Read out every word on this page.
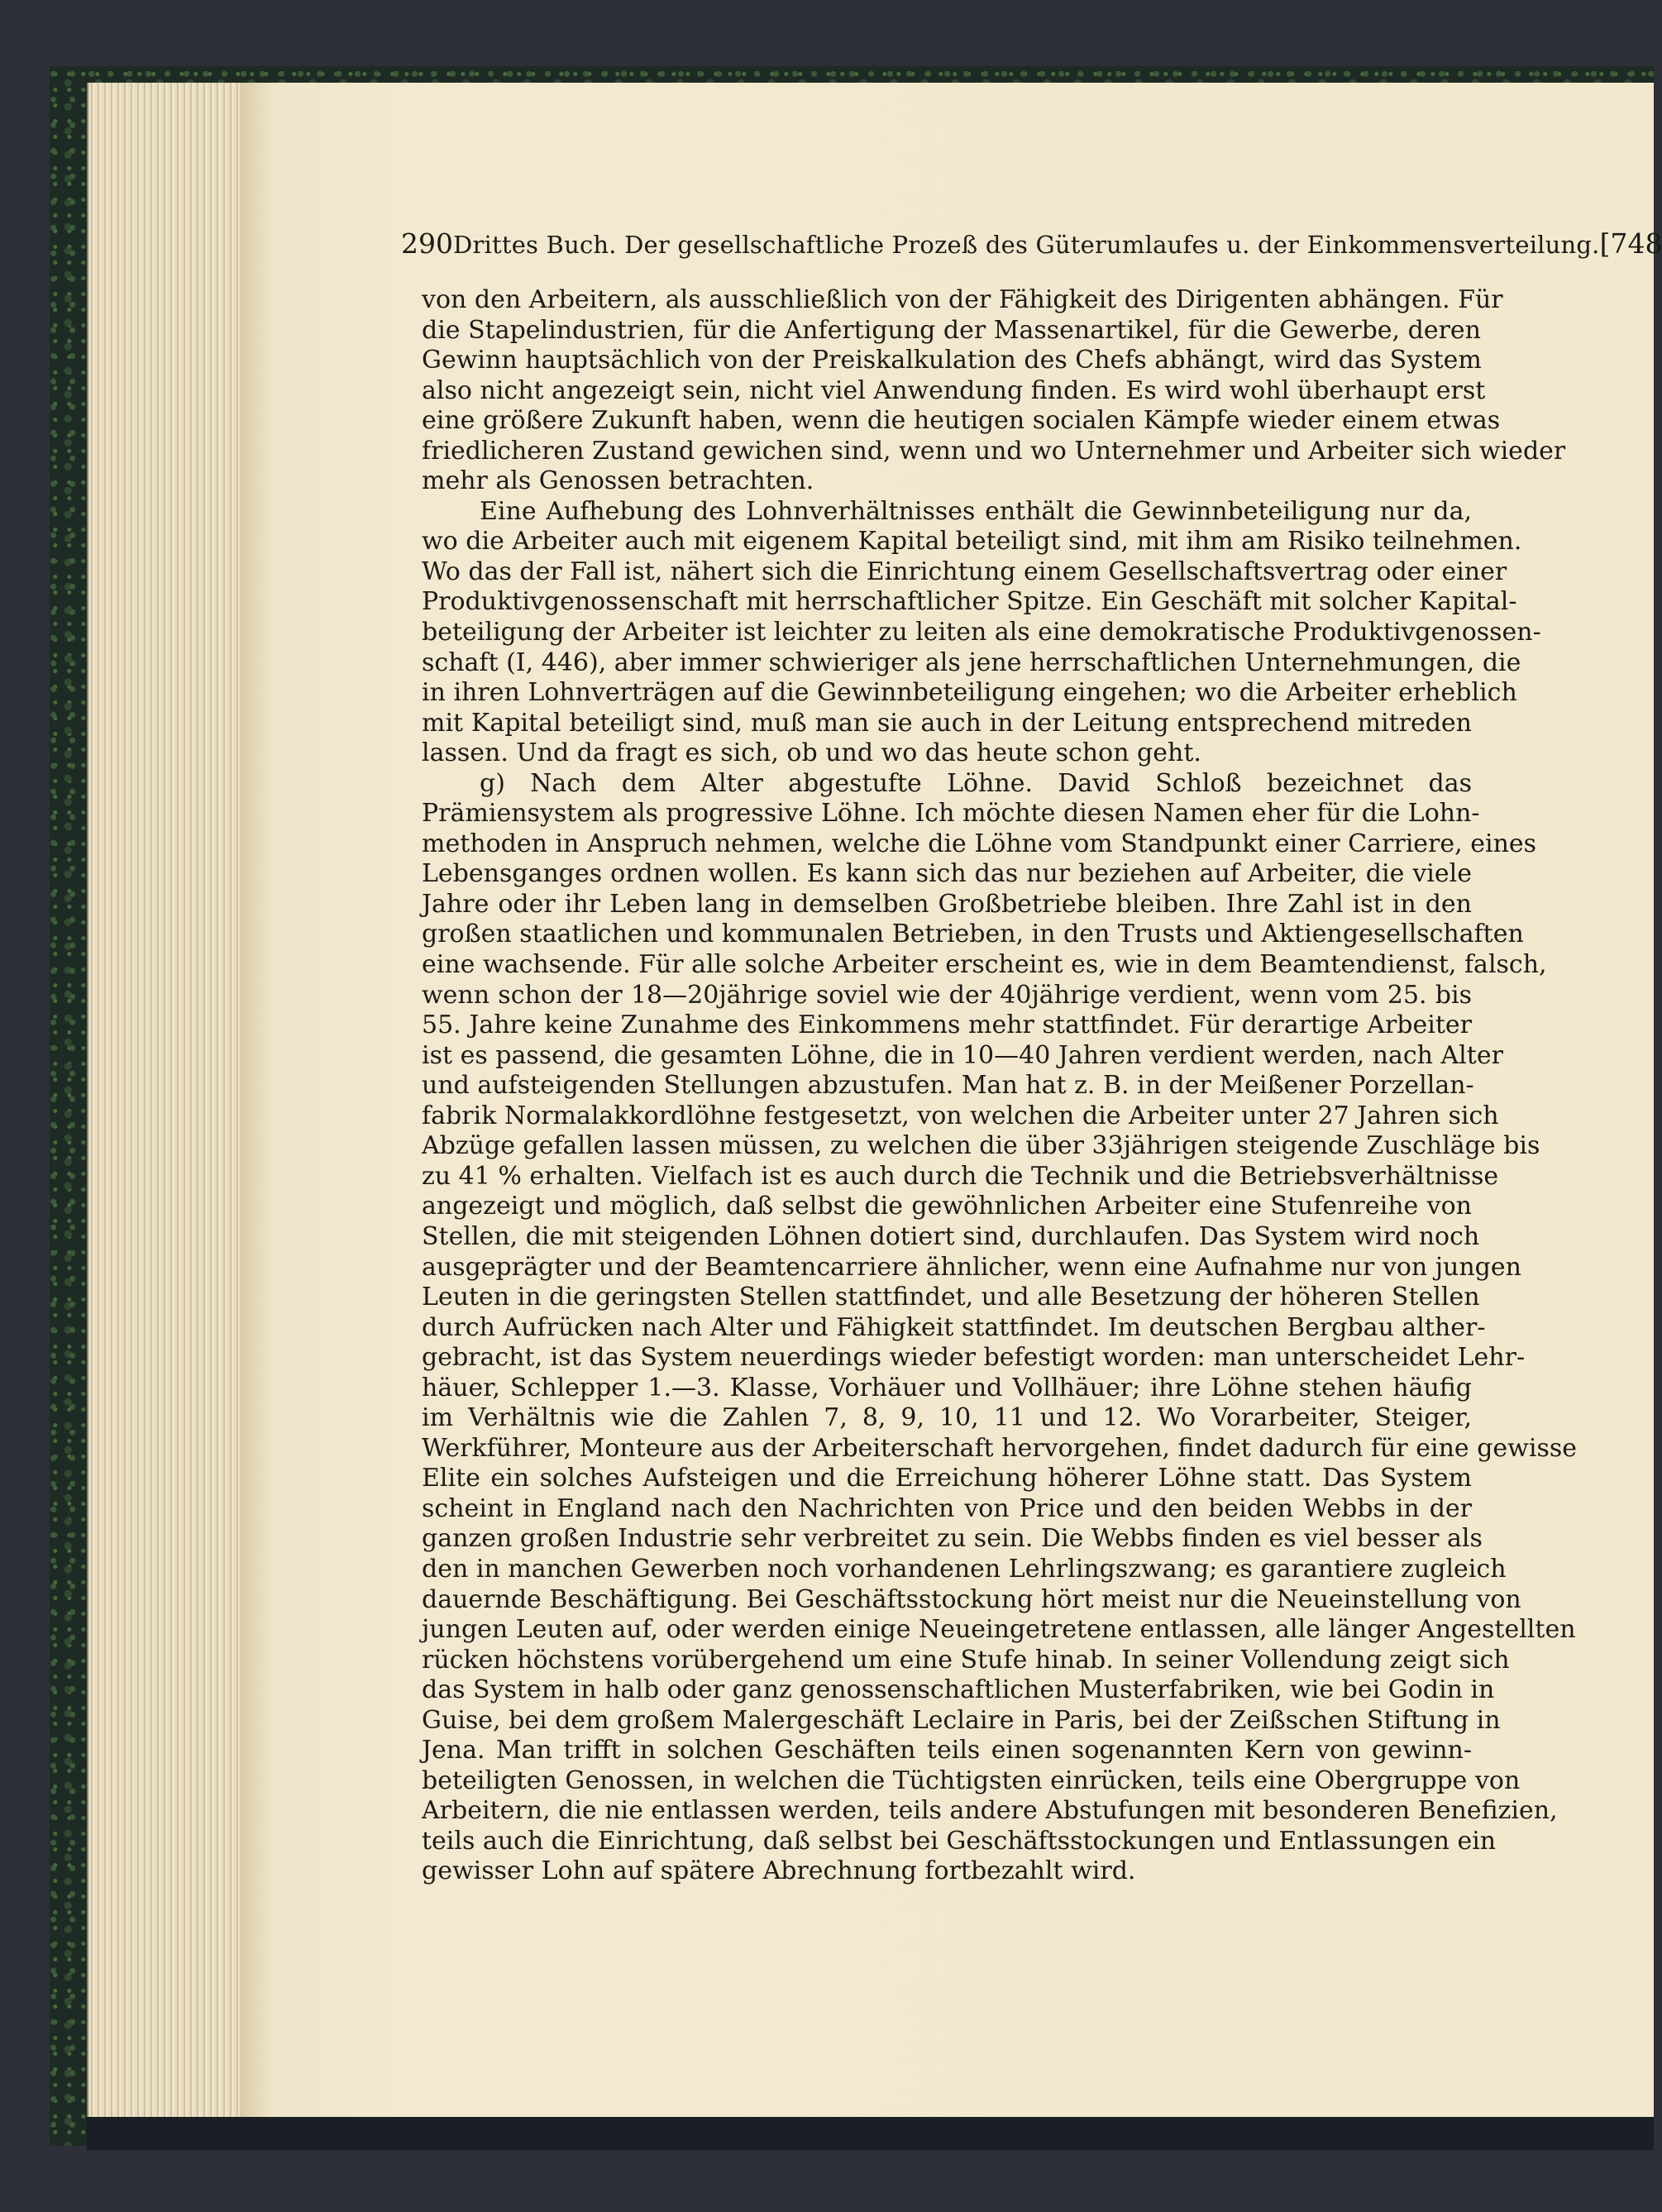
290 Drittes Buch. Der gesellschaftliche Prozeß des Güterumlaufes u. der Einkommensverteilung. [748
von den Arbeitern, als ausschließlich von der Fähigkeit des Dirigenten abhängen. Für
die Stapelindustrien, für die Anfertigung der Massenartikel, für die Gewerbe, deren
Gewinn hauptsächlich von der Preiskalkulation des Chefs abhängt, wird das System
also nicht angezeigt sein, nicht viel Anwendung finden. Es wird wohl überhaupt erst
eine größere Zukunft haben, wenn die heutigen socialen Kämpfe wieder einem etwas
friedlicheren Zustand gewichen sind, wenn und wo Unternehmer und Arbeiter sich wieder
mehr als Genossen betrachten.
Eine Aufhebung des Lohnverhältnisses enthält die Gewinnbeteiligung nur da,
wo die Arbeiter auch mit eigenem Kapital beteiligt sind, mit ihm am Risiko teilnehmen.
Wo das der Fall ist, nähert sich die Einrichtung einem Gesellschaftsvertrag oder einer
Produktivgenossenschaft mit herrschaftlicher Spitze. Ein Geschäft mit solcher Kapital-
beteiligung der Arbeiter ist leichter zu leiten als eine demokratische Produktivgenossen-
schaft (I, 446), aber immer schwieriger als jene herrschaftlichen Unternehmungen, die
in ihren Lohnverträgen auf die Gewinnbeteiligung eingehen; wo die Arbeiter erheblich
mit Kapital beteiligt sind, muß man sie auch in der Leitung entsprechend mitreden
lassen. Und da fragt es sich, ob und wo das heute schon geht.
g) Nach dem Alter abgestufte Löhne. David Schloß bezeichnet das
Prämiensystem als progressive Löhne. Ich möchte diesen Namen eher für die Lohn-
methoden in Anspruch nehmen, welche die Löhne vom Standpunkt einer Carriere, eines
Lebensganges ordnen wollen. Es kann sich das nur beziehen auf Arbeiter, die viele
Jahre oder ihr Leben lang in demselben Großbetriebe bleiben. Ihre Zahl ist in den
großen staatlichen und kommunalen Betrieben, in den Trusts und Aktiengesellschaften
eine wachsende. Für alle solche Arbeiter erscheint es, wie in dem Beamtendienst, falsch,
wenn schon der 18—20jährige soviel wie der 40jährige verdient, wenn vom 25. bis
55. Jahre keine Zunahme des Einkommens mehr stattfindet. Für derartige Arbeiter
ist es passend, die gesamten Löhne, die in 10—40 Jahren verdient werden, nach Alter
und aufsteigenden Stellungen abzustufen. Man hat z. B. in der Meißener Porzellan-
fabrik Normalakkordlöhne festgesetzt, von welchen die Arbeiter unter 27 Jahren sich
Abzüge gefallen lassen müssen, zu welchen die über 33jährigen steigende Zuschläge bis
zu 41 % erhalten. Vielfach ist es auch durch die Technik und die Betriebsverhältnisse
angezeigt und möglich, daß selbst die gewöhnlichen Arbeiter eine Stufenreihe von
Stellen, die mit steigenden Löhnen dotiert sind, durchlaufen. Das System wird noch
ausgeprägter und der Beamtencarriere ähnlicher, wenn eine Aufnahme nur von jungen
Leuten in die geringsten Stellen stattfindet, und alle Besetzung der höheren Stellen
durch Aufrücken nach Alter und Fähigkeit stattfindet. Im deutschen Bergbau alther-
gebracht, ist das System neuerdings wieder befestigt worden: man unterscheidet Lehr-
häuer, Schlepper 1.—3. Klasse, Vorhäuer und Vollhäuer; ihre Löhne stehen häufig
im Verhältnis wie die Zahlen 7, 8, 9, 10, 11 und 12. Wo Vorarbeiter, Steiger,
Werkführer, Monteure aus der Arbeiterschaft hervorgehen, findet dadurch für eine gewisse
Elite ein solches Aufsteigen und die Erreichung höherer Löhne statt. Das System
scheint in England nach den Nachrichten von Price und den beiden Webbs in der
ganzen großen Industrie sehr verbreitet zu sein. Die Webbs finden es viel besser als
den in manchen Gewerben noch vorhandenen Lehrlingszwang; es garantiere zugleich
dauernde Beschäftigung. Bei Geschäftsstockung hört meist nur die Neueinstellung von
jungen Leuten auf, oder werden einige Neueingetretene entlassen, alle länger Angestellten
rücken höchstens vorübergehend um eine Stufe hinab. In seiner Vollendung zeigt sich
das System in halb oder ganz genossenschaftlichen Musterfabriken, wie bei Godin in
Guise, bei dem großem Malergeschäft Leclaire in Paris, bei der Zeißschen Stiftung in
Jena. Man trifft in solchen Geschäften teils einen sogenannten Kern von gewinn-
beteiligten Genossen, in welchen die Tüchtigsten einrücken, teils eine Obergruppe von
Arbeitern, die nie entlassen werden, teils andere Abstufungen mit besonderen Benefizien,
teils auch die Einrichtung, daß selbst bei Geschäftsstockungen und Entlassungen ein
gewisser Lohn auf spätere Abrechnung fortbezahlt wird.
